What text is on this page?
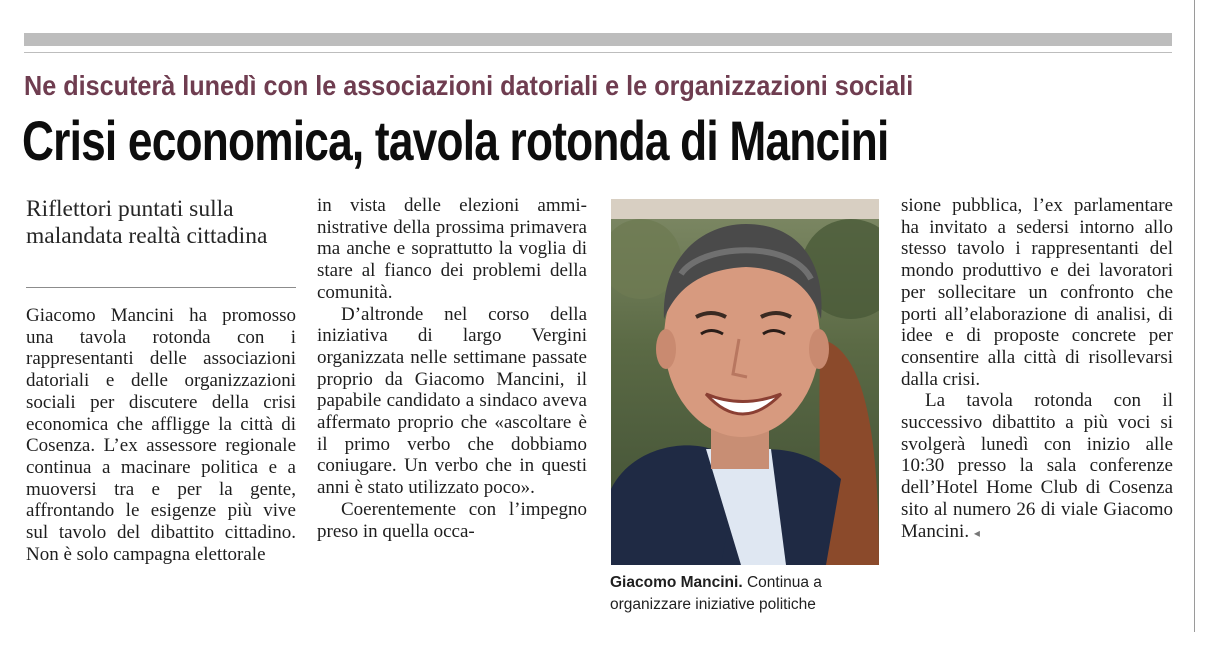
Ne discuterà lunedì con le associazioni datoriali e le organizzazioni sociali
Crisi economica, tavola rotonda di Mancini
Riflettori puntati sulla malandata realtà cittadina

Giacomo Mancini ha promosso una tavola rotonda con i rappresentanti delle associazioni datoriali e delle organizzazioni sociali per discutere della crisi economica che affligge la città di Cosenza. L’ex assessore regionale continua a macinare politica e a muoversi tra e per la gente, affrontando le esigenze più vive sul tavolo del dibattito cittadino. Non è solo campagna elettorale

in vista delle elezioni amministrative della prossima primavera ma anche e soprattutto la voglia di stare al fianco dei problemi della comunità.

D’altronde nel corso della iniziativa di largo Vergini organizzata nelle settimane passate proprio da Giacomo Mancini, il papabile candidato a sindaco aveva affermato proprio che «ascoltare è il primo verbo che dobbiamo coniugare. Un verbo che in questi anni è stato utilizzato poco».

Coerentemente con l’impegno preso in quella occa-

Giacomo Mancini. Continua a organizzare iniziative politiche

sione pubblica, l’ex parlamentare ha invitato a sedersi intorno allo stesso tavolo i rappresentanti del mondo produttivo e dei lavoratori per sollecitare un confronto che porti all’elaborazione di analisi, di idee e di proposte concrete per consentire alla città di risollevarsi dalla crisi.

La tavola rotonda con il successivo dibattito a più voci si svolgerà lunedì con inizio alle 10:30 presso la sala conferenze dell’Hotel Home Club di Cosenza sito al numero 26 di viale Giacomo Mancini. ◂
